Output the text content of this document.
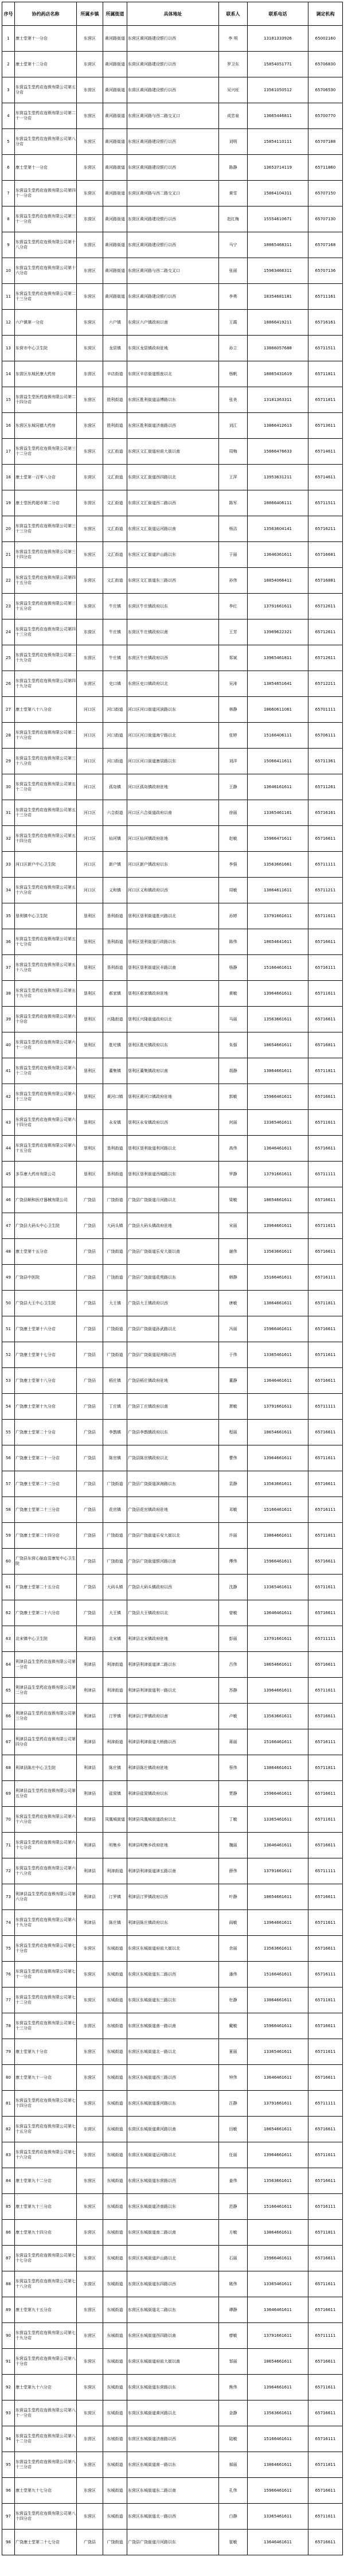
序号	协约药店名称	所属乡镇	所属街道	具体地址	联系人	联系电话	调定机构
1	康士堂第十一分店	东营区	黄河路街道	东营区黄河路建设银行以西	李 明	13181333926	65002160
2	康士堂第十二分店	东营区	黄河路街道	东营区黄河路建设银行以西	罗卫东	15854051771	65706830
3	东营益生堂药店连锁有限公司第五分店	东营区	黄河路街道	东营区黄河路建设银行以西	吴兴旺	13561050512	65706530
4	东营益生堂药店连锁有限公司第二十一分店	东营区	黄河路街道	东营区黄河路与西二路交叉口	成忠泉	13665446811	65700770
5	东营益生堂药店连锁有限公司第八分店	东营区	黄河路街道	东营区黄河路建设银行以西	刘明	15854110111	65707188
6	康士堂第十一分店	东营区	黄河路街道	东营区黄河路建设银行以西	陈静	13653714119	65711860
7	东营益生堂药店连锁有限公司第四十一分店	东营区	黄河路街道	东营区黄河路与西二路交叉口	黄雪	15864104311	65707150
8	东营益生堂药店连锁有限公司第三十一分店	东营区	黄河路街道	东营区黄河路建设银行以西	赵红梅	15554610671	65707130
9	东营益生堂药店连锁有限公司第十八分店	东营区	黄河路街道	东营区黄河路建设银行以西	马宁	18865468311	65707168
10	东营益生堂药店连锁有限公司第十六分店	东营区	黄河路街道	东营区黄河路与西二路交叉口	张丽	15963466311	65707136
11	东营益生堂药店连锁有限公司第二十三分店	东营区	黄河路街道	东营区黄河路建设银行以西	李勇	18354681181	65711161
12	六户镇第一分店	东营区	六户镇	东营区六户镇政府以南	王霞	18866419211	65716161
13	东营市中心卫生院	东营区	龙居镇	东营区龙居镇政府驻地	孙立	13866057688	65711511
14	东营区东城民康大药房	东营区	辛店街道	东营区辛店街道银座以北	杨帆	18865431619	65711811
15	东营益生堂医药连锁有限公司第二十四分店	东营区	胜利街道	东营区胜利街道淄博路以东	张美	13181363311	65711811
16	东营区东城同德大药房	东营区	胜利街道	东营区胜利街道济南路以西	刘江	13866412613	65713611
17	东营益生堂药店连锁有限公司第三十二分店	东营区	文汇街道	东营区文汇街道府前大街以南	周梅	15866476633	65714611
18	康士堂第一百零八分店	东营区	文汇街道	东营区文汇街道西四路以北	王萍	13953631211	65714611
19	康士堂医药超市第二分店	东营区	文汇街道	东营区文汇街道西二路以西	陈军	18866406111	65711511
20	东营益生堂药店连锁有限公司第三十三分店	东营区	文汇街道	东营区文汇街道运河路以南	杨洁	13563604141	65716211
21	东营益生堂药店连锁有限公司第三十四分店	东营区	文汇街道	东营区文汇街道庐山路以东	于丽	13646361611	65716681
22	东营益生堂药店连锁有限公司第四十五分店	东营区	文汇街道	东营区文汇街道东三路以西	孙伟	18854066411	65716881
23	东营益生堂药店连锁有限公司第三十五分店	东营区	牛庄镇	东营区牛庄镇政府以东	李红	13791661611	65712611
24	东营益生堂药店连锁有限公司第四十三分店	东营区	牛庄镇	东营区牛庄镇政府以南	王芳	13969622321	65712611
25	东营益生堂药店连锁有限公司第二十九分店	东营区	牛庄镇	东营区牛庄镇政府以西	郑斌	13965461811	65712611
26	东营益生堂药店连锁有限公司第四十九分店	东营区	史口镇	东营区史口镇政府以北	吴涛	13854651641	65712211
27	康士堂第八十八分店	河口区	河口街道	河口区河口街道河滨路以东	林静	18660611061	65701111
28	东营益生堂药店连锁有限公司第二十六分店	河口区	河口街道	河口区河口街道海宁路以北	张婷	15166406111	65706111
29	东营益生堂药店连锁有限公司第三十八分店	河口区	河口街道	河口区河口街道康居路以东	刘洋	15066411611	65711361
30	东营益生堂药店连锁有限公司第五十二分店	河口区	孤岛镇	河口区孤岛镇政府驻地	王静	13646161611	65711261
31	东营益生堂药店连锁有限公司第五十三分店	河口区	六合街道	河口区六合街道政府以南	徐丽	13365461161	65716161
32	东营益生堂药店连锁有限公司第五十四分店	河口区	仙河镇	河口区仙河镇政府驻地	赵敏	15966471611	65716611
33	河口区新户中心卫生院	河口区	新户镇	河口区新户镇政府以东	李强	13563661661	65711111
34	东营益生堂药店连锁有限公司第五十六分店	河口区	义和镇	河口区义和镇政府以西	周敏	13864611611	65711211
35	垦利镇中心卫生院	垦利区	垦利街道	垦利区垦利街道胜兴路以北	孙婷	13791661611	65711611
36	东营益生堂药店连锁有限公司第五十七分店	垦利区	垦利街道	垦利区垦利街道行政路以东	陈伟	18654641611	65716611
37	东营益生堂药店连锁有限公司第五十八分店	垦利区	垦利街道	垦利区垦利街道民丰路以南	杨静	15166461611	65716111
38	东营益生堂药店连锁有限公司第五十九分店	垦利区	郝家镇	垦利区郝家镇政府驻地	黄敏	13964661611	65711611
39	东营益生堂药店连锁有限公司第六十分店	垦利区	兴隆街道	垦利区兴隆街道政府以北	马丽	13563661611	65716611
40	东营益生堂药店连锁有限公司第六十一分店	垦利区	胜坨镇	垦利区胜坨镇政府以东	朱强	18654661611	65716811
41	东营益生堂药店连锁有限公司第六十二分店	垦利区	董集镇	垦利区董集镇政府以南	胡静	13864661611	65711811
42	东营益生堂药店连锁有限公司第六十三分店	垦利区	黄河口镇	垦利区黄河口镇政府驻地	郭敏	15966461611	65716611
43	东营益生堂药店连锁有限公司第六十四分店	垦利区	永安镇	垦利区永安镇政府以西	何丽	13365461611	65711611
44	东营益生堂药店连锁有限公司第六十五分店	垦利区	垦利街道	垦利区垦利街道利河路以北	高伟	13646461611	65716611
45	多芬康大药房有限公司	垦利区	垦利街道	垦利区垦利街道西城路以东	罗静	13791661611	65711111
46	广饶县顺和医疗器械有限公司	广饶县	广饶街道	广饶县广饶街道月河路以北	梁敏	18654661611	65716611
47	广饶县大码头中心卫生院	广饶县	大码头镇	广饶县大码头镇政府驻地	宋丽	13964661611	65711611
48	康士堂第十五分店	广饶县	广饶街道	广饶县广饶街道乐安大街以南	谢伟	13563661611	65716611
49	广饶县中医院	广饶县	广饶街道	广饶县广饶街道花苑路以东	韩静	15166461611	65716111
50	广饶县大王中心卫生院	广饶县	大王镇	广饶县大王镇政府以西	唐敏	13864661611	65711811
51	广饶康士堂第十六分店	广饶县	广饶街道	广饶县广饶街道孙武路以北	冯丽	15966461611	65716611
52	广饶康士堂第十七分店	广饶县	广饶街道	广饶县广饶街道迎宾路以西	于伟	13365461611	65711611
53	广饶康士堂第十八分店	广饶县	稻庄镇	广饶县稻庄镇政府驻地	董静	13646461611	65716611
54	广饶康士堂第十九分店	广饶县	丁庄镇	广饶县丁庄镇政府以南	萧敏	13791661611	65711111
55	广饶康士堂第二十分店	广饶县	李鹊镇	广饶县李鹊镇政府以东	程丽	18654661611	65716611
56	广饶康士堂第二十一分店	广饶县	陈官镇	广饶县陈官镇政府以北	曹伟	13964661611	65711611
57	广饶康士堂第二十二分店	广饶县	广饶街道	广饶县广饶街道滨海路以东	袁静	13563661611	65716611
58	广饶康士堂第二十三分店	广饶县	花官镇	广饶县花官镇政府驻地	邓敏	15166461611	65716111
59	广饶康士堂第二十四分店	广饶县	广饶街道	广饶县广饶街道乐安大街以北	许丽	13864661611	65711811
60	广饶县东营心脑血管康复中心卫生院	广饶县	广饶街道	广饶县广饶街道银河路以南	傅伟	15966461611	65716611
61	广饶康士堂第二十五分店	广饶县	大码头镇	广饶县大码头镇政府以西	沈静	13365461611	65711611
62	广饶康士堂第二十六分店	广饶县	大王镇	广饶县大王镇政府以北	曾敏	13646461611	65716611
63	北宋镇中心卫生院	利津县	北宋镇	利津县北宋镇政府驻地	彭丽	13791661611	65711111
64	利津县益生堂药店连锁有限公司第一分店	利津县	利津街道	利津县利津街道津二路以东	吕伟	18654661611	65716611
65	利津县益生堂药店连锁有限公司第二分店	利津县	利津街道	利津县利津街道利一路以北	苏静	13964661611	65711611
66	利津县益生堂药店连锁有限公司第三分店	利津县	汀罗镇	利津县汀罗镇政府以南	卢敏	13563661611	65716611
67	利津县益生堂药店连锁有限公司第四分店	利津县	利津街道	利津县利津街道大桥路以西	蒋丽	15166461611	65716111
68	利津县陈庄中心卫生院	利津县	陈庄镇	利津县陈庄镇政府驻地	蔡伟	13864661611	65711811
69	利津县益生堂药店连锁有限公司第五分店	利津县	盐窝镇	利津县盐窝镇政府以东	贾静	15966461611	65716611
70	东营益生堂药店连锁有限公司第六十六分店	利津县	凤凰城街道	利津县凤凰城街道政府以北	丁敏	13365461611	65711611
71	东营益生堂药店连锁有限公司第六十七分店	利津县	明集乡	利津县明集乡政府驻地	魏丽	13646461611	65716611
72	东营益生堂药店连锁有限公司第六十八分店	利津县	利津街道	利津县利津街道津五路以南	薛伟	13791661611	65711111
73	利津县益生堂药店连锁有限公司第六分店	利津县	汀罗镇	利津县汀罗镇政府以西	叶静	18654661611	65716611
74	东营益生堂药店连锁有限公司第六十九分店	利津县	陈庄镇	利津县陈庄镇政府以东	阎敏	13964661611	65711611
75	东营益生堂药店连锁有限公司第七十分店	东营区	东城街道	东营区东城街道府前大街以北	余丽	13563661611	65716611
76	东营益生堂药店连锁有限公司第七十一分店	东营区	东城街道	东营区东城街道东二路以西	潘伟	15166461611	65716111
77	东营益生堂药店连锁有限公司第七十二分店	东营区	东城街道	东营区东城街道东三路以东	杜静	13864661611	65711811
78	东营益生堂药店连锁有限公司第七十三分店	东营区	东城街道	东营区东城街道南一路以南	戴敏	15966461611	65716611
79	康士堂第九十分店	东营区	东城街道	东营区东城街道北一路以北	夏丽	13365461611	65711611
80	康士堂第九十一分店	东营区	东城街道	东营区东城街道西三路以西	钟伟	13646461611	65716611
81	东营益生堂药店连锁有限公司第七十四分店	东营区	东城街道	东营区东城街道淮河路以东	汪静	13791661611	65711111
82	东营益生堂药店连锁有限公司第七十五分店	东营区	东城街道	东营区东城街道黄河路以南	田敏	18654661611	65716611
83	东营益生堂药店连锁有限公司第七十六分店	东营区	东城街道	东营区东城街道运河路以北	任丽	13964661611	65711611
84	康士堂第九十二分店	东营区	东城街道	东营区东城街道东营路以西	姜伟	13563661611	65716611
85	康士堂第九十三分店	东营区	东城街道	东营区东城街道济南路以东	范静	15166461611	65716111
86	康士堂第九十四分店	东营区	东城街道	东营区东城街道南二路以南	方敏	13864661611	65711811
87	东营益生堂药店连锁有限公司第七十七分店	东营区	东城街道	东营区东城街道庐山路以北	石丽	15966461611	65716611
88	东营益生堂药店连锁有限公司第七十八分店	东营区	东城街道	东营区东城街道东四路以西	姚伟	13365461611	65711611
89	康士堂第九十五分店	东营区	东城街道	东营区东城街道北二路以东	谭静	13646461611	65716611
90	东营益生堂药店连锁有限公司第七十九分店	东营区	东城街道	东营区东城街道西四路以南	廖敏	13791661611	65711111
91	东营益生堂药店连锁有限公司第八十分店	东营区	东城街道	东营区东城街道府前大街以南	邹丽	18654661611	65716611
92	康士堂第九十六分店	东营区	东城街道	东营区东城街道东营路以东	熊伟	13964661611	65711611
93	东营益生堂药店连锁有限公司第八十一分店	东营区	东城街道	东营区东城街道黄河路以北	金静	13563661611	65716611
94	东营益生堂药店连锁有限公司第八十二分店	东营区	东城街道	东营区东城街道济南路以西	陆敏	15166461611	65716111
95	东营益生堂药店连锁有限公司第八十三分店	东营区	东城街道	东营区东城街道南一路以东	郝丽	13864661611	65711811
96	康士堂第九十七分店	东营区	东城街道	东营区东城街道东二路以南	孔伟	15966461611	65716611
97	东营益生堂药店连锁有限公司第八十四分店	东营区	东城街道	东营区东城街道北一路以西	白静	13365461611	65711611
98	广饶康士堂第二十七分店	广饶县	广饶街道	广饶县广饶街道月河路以东	崔敏	13646461611	65716611
